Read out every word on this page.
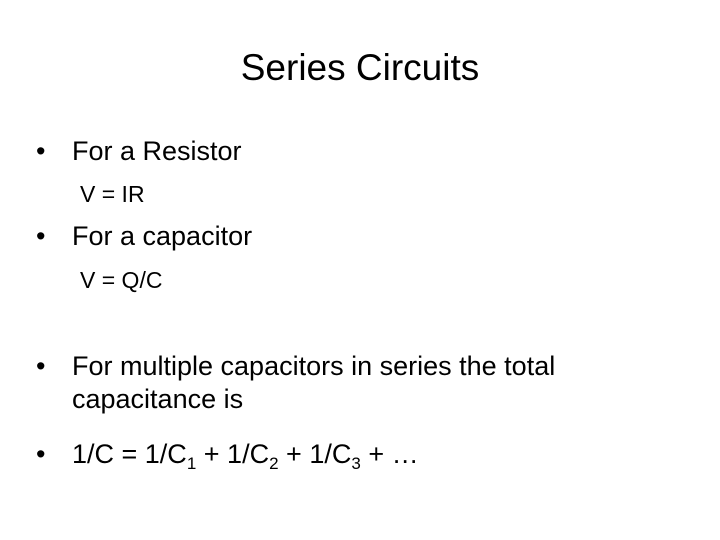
Series Circuits
• For a Resistor
V = IR
• For a capacitor
V = Q/C
• For multiple capacitors in series the total capacitance is
• $1/C = 1/C_1 + 1/C_2 + 1/C_3$ + …
